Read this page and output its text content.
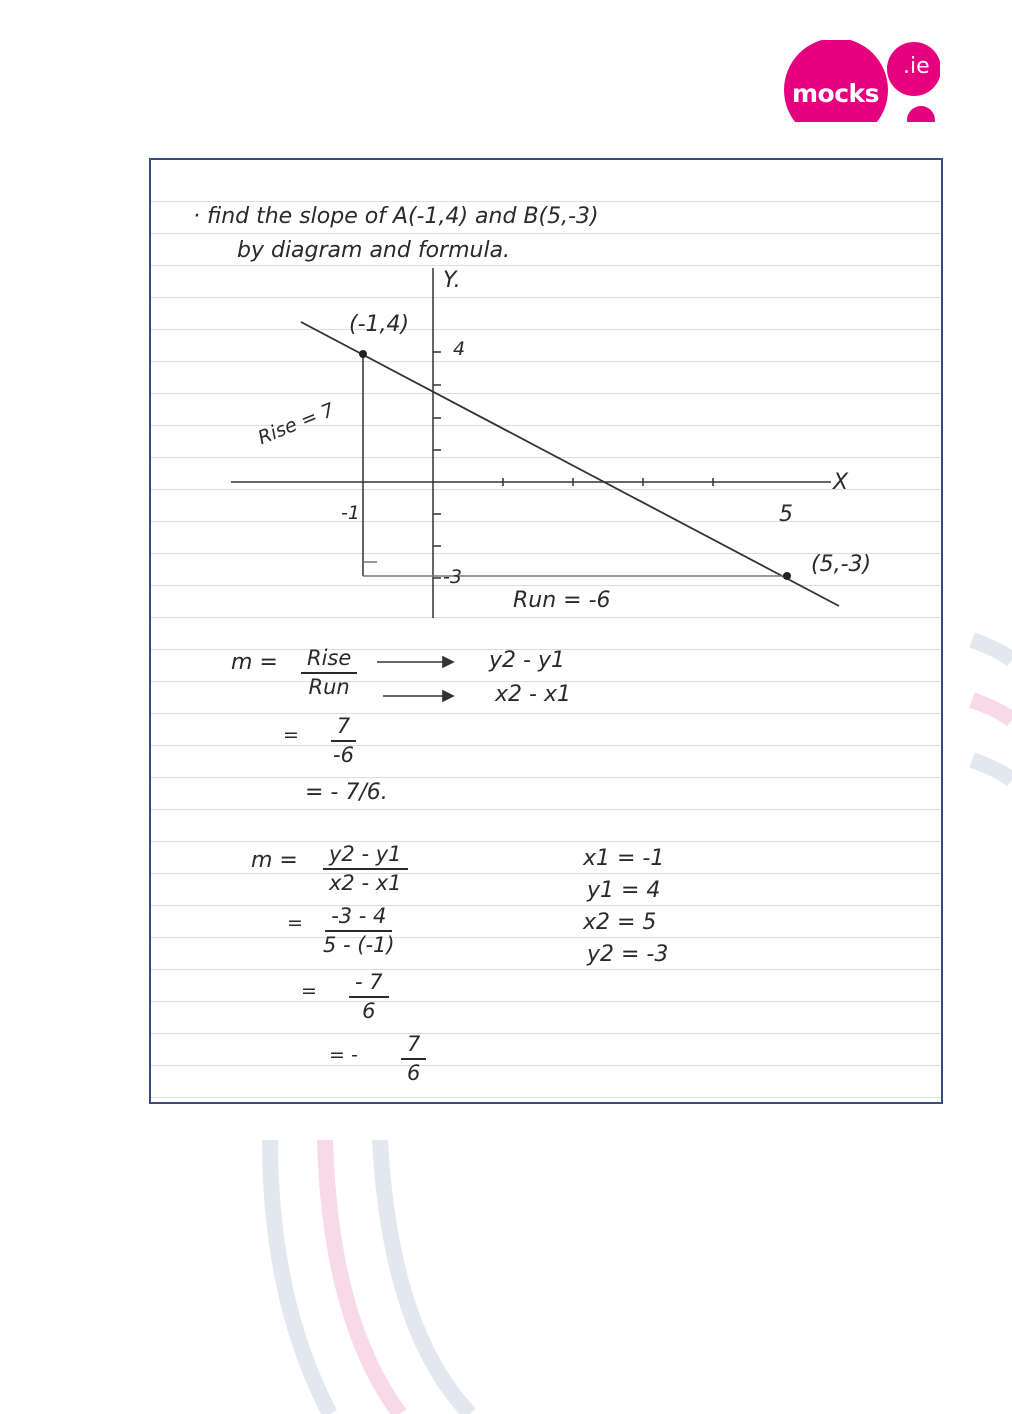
mocks
.ie
· find the slope of A(-1,4) and B(5,-3)
by diagram and formula.
Y.
X
(-1,4)
(5,-3)
4
-3
-1	5
Rise = 7
Run = -6
m = Rise
Run
y2 - y1
x2 - x1
= $\frac{7}{-6}$
= - 7/6.
$m = \frac{y2 - y1}{x2 - x1}$
= $\frac{-3 - 4}{5 - (-1)}$
= $\frac{- 7}{6}$
= - $\frac{7}{6}$
x1 = -1
y1 = 4
x2 = 5
y2 = -3
